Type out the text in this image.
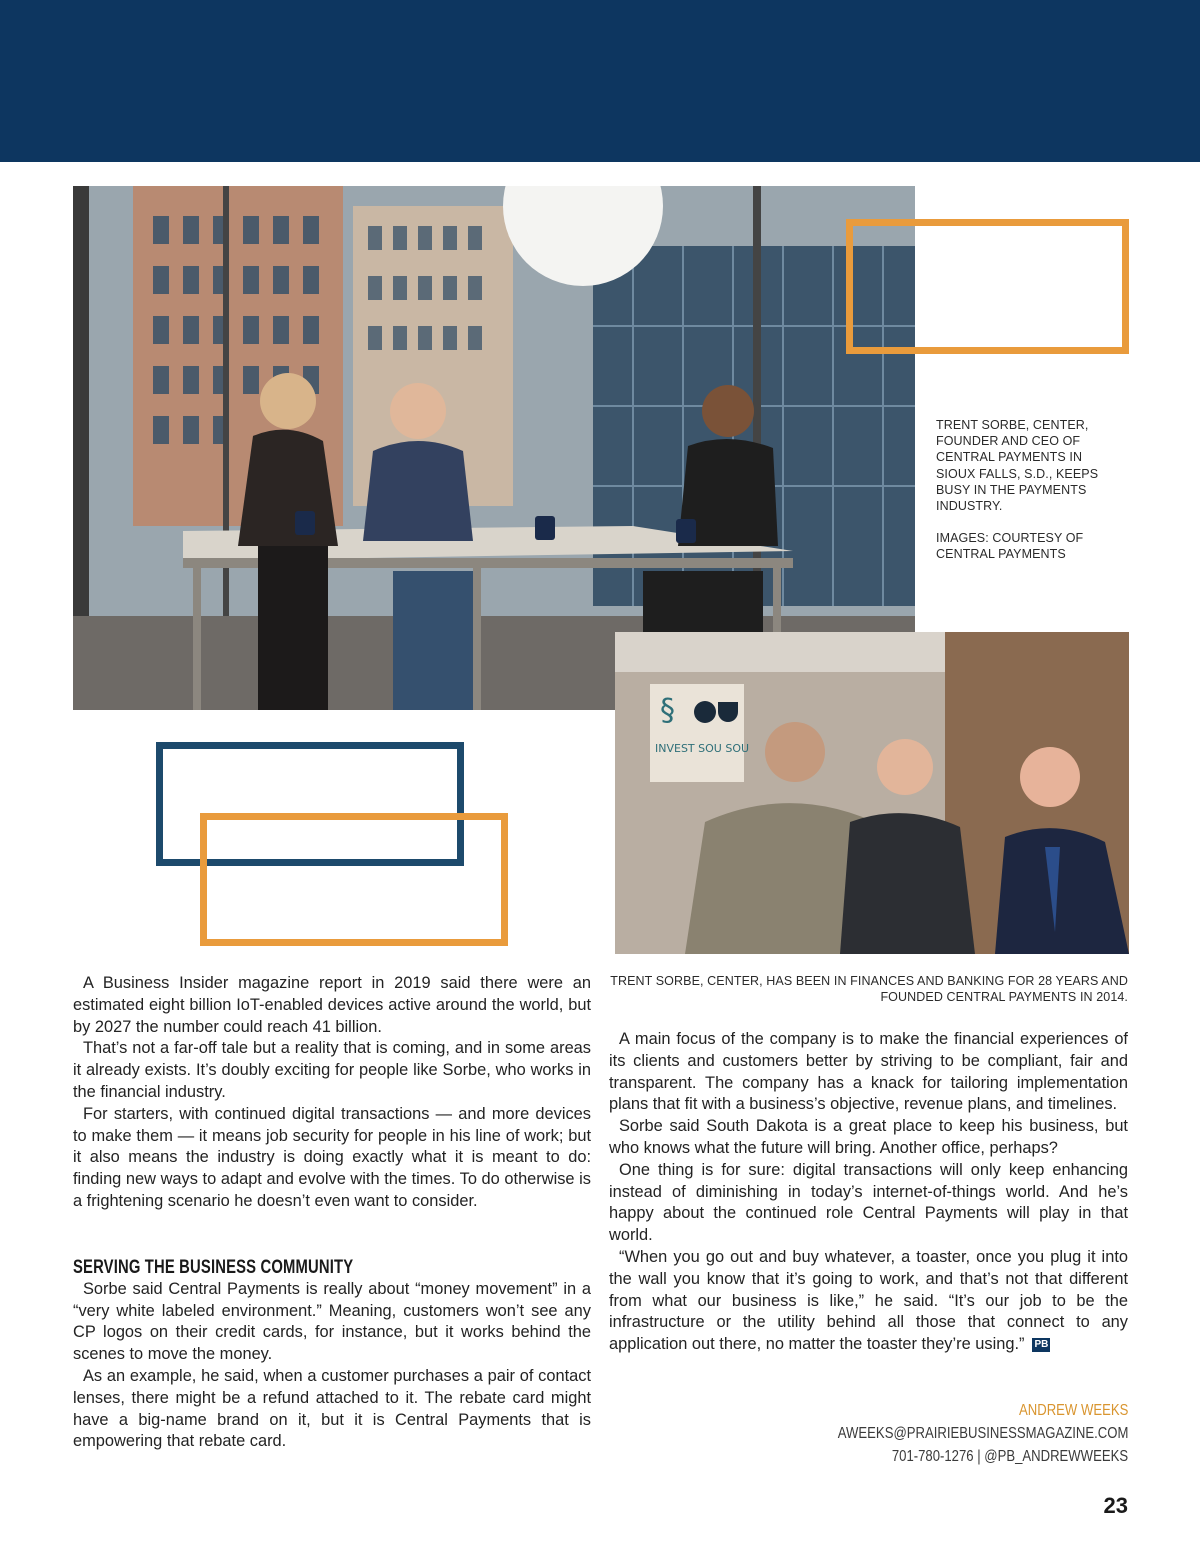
§
INVEST SOU SOU

TRENT SORBE, CENTER, FOUNDER AND CEO OF CENTRAL PAYMENTS IN SIOUX FALLS, S.D., KEEPS BUSY IN THE PAYMENTS INDUSTRY.

IMAGES: COURTESY OF CENTRAL PAYMENTS

TRENT SORBE, CENTER, HAS BEEN IN FINANCES AND BANKING FOR 28 YEARS AND FOUNDED CENTRAL PAYMENTS IN 2014.

A Business Insider magazine report in 2019 said there were an estimated eight billion IoT-enabled devices active around the world, but by 2027 the number could reach 41 billion.

That’s not a far-off tale but a reality that is coming, and in some areas it already exists. It’s doubly exciting for people like Sorbe, who works in the financial industry.

For starters, with continued digital transactions — and more devices to make them — it means job security for people in his line of work; but it also means the industry is doing exactly what it is meant to do: finding new ways to adapt and evolve with the times. To do otherwise is a frightening scenario he doesn’t even want to consider.

SERVING THE BUSINESS COMMUNITY

Sorbe said Central Payments is really about “money movement” in a “very white labeled environment.” Meaning, customers won’t see any CP logos on their credit cards, for instance, but it works behind the scenes to move the money.

As an example, he said, when a customer purchases a pair of contact lenses, there might be a refund attached to it. The rebate card might have a big-name brand on it, but it is Central Payments that is empowering that rebate card.

A main focus of the company is to make the financial experiences of its clients and customers better by striving to be compliant, fair and transparent. The company has a knack for tailoring implementation plans that fit with a business’s objective, revenue plans, and timelines.

Sorbe said South Dakota is a great place to keep his business, but who knows what the future will bring. Another office, perhaps?

One thing is for sure: digital transactions will only keep enhancing instead of diminishing in today’s internet-of-things world. And he’s happy about the continued role Central Payments will play in that world.

“When you go out and buy whatever, a toaster, once you plug it into the wall you know that it’s going to work, and that’s not that different from what our business is like,” he said. “It’s our job to be the infrastructure or the utility behind all those that connect to any application out there, no matter the toaster they’re using.” PB

ANDREW WEEKS
AWEEKS@PRAIRIEBUSINESSMAGAZINE.COM
701-780-1276 | @PB_ANDREWWEEKS
23
